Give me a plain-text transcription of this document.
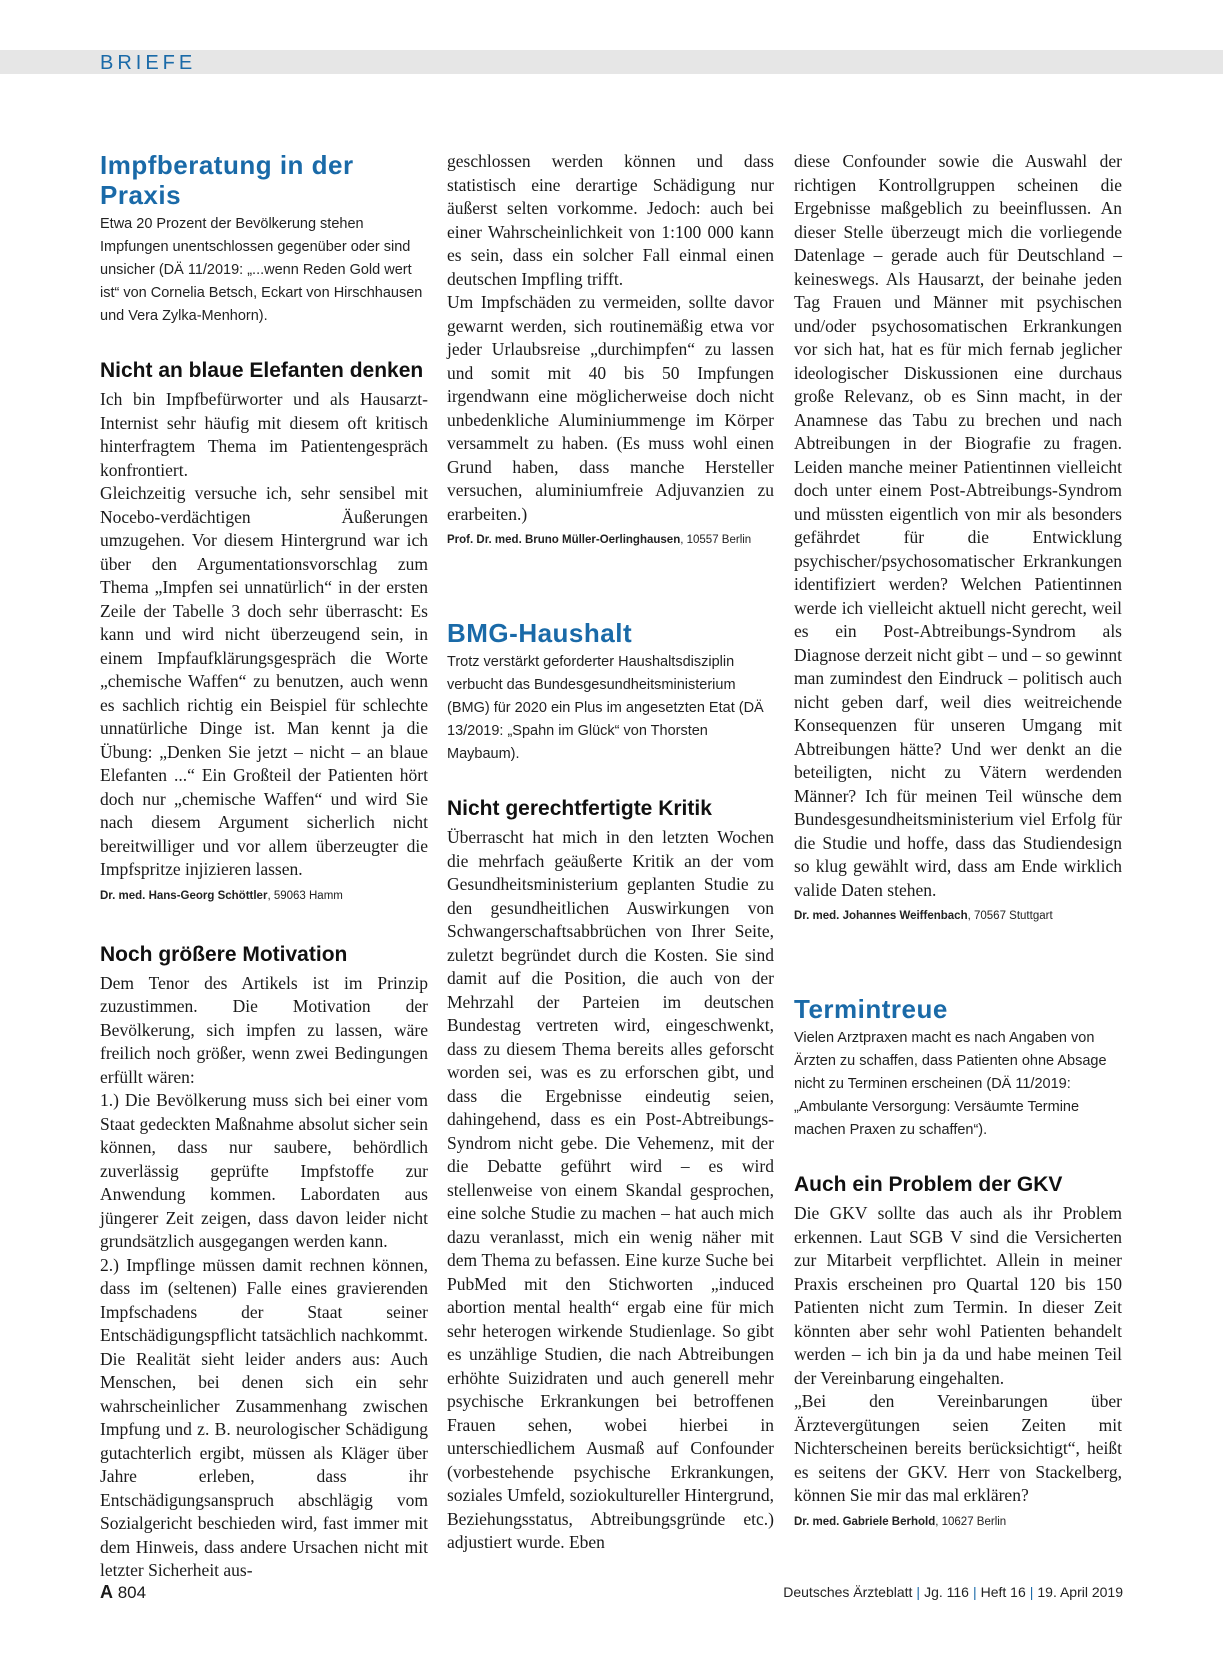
BRIEFE
Impfberatung in der Praxis

Etwa 20 Prozent der Bevölkerung stehen Impfungen unentschlossen gegenüber oder sind unsicher (DÄ 11/2019: „...wenn Reden Gold wert ist“ von Cornelia Betsch, Eckart von Hirschhausen und Vera Zylka-Menhorn).

Nicht an blaue Elefanten denken

Ich bin Impfbefürworter und als Hausarzt-Internist sehr häufig mit diesem oft kritisch hinterfragtem Thema im Patientengespräch konfrontiert.

Gleichzeitig versuche ich, sehr sensibel mit Nocebo-verdächtigen Äußerungen umzugehen. Vor diesem Hintergrund war ich über den Argumentationsvorschlag zum Thema „Impfen sei unnatürlich“ in der ersten Zeile der Tabelle 3 doch sehr überrascht: Es kann und wird nicht überzeugend sein, in einem Impfaufklärungsgespräch die Worte „chemische Waffen“ zu benutzen, auch wenn es sachlich richtig ein Beispiel für schlechte unnatürliche Dinge ist. Man kennt ja die Übung: „Denken Sie jetzt – nicht – an blaue Elefanten ...“ Ein Großteil der Patienten hört doch nur „chemische Waffen“ und wird Sie nach diesem Argument sicherlich nicht bereitwilliger und vor allem überzeugter die Impfspritze injizieren lassen.

Dr. med. Hans-Georg Schöttler, 59063 Hamm
Noch größere Motivation

Dem Tenor des Artikels ist im Prinzip zuzustimmen. Die Motivation der Bevölkerung, sich impfen zu lassen, wäre freilich noch größer, wenn zwei Bedingungen erfüllt wären:

1.) Die Bevölkerung muss sich bei einer vom Staat gedeckten Maßnahme absolut sicher sein können, dass nur saubere, behördlich zuverlässig geprüfte Impfstoffe zur Anwendung kommen. Labordaten aus jüngerer Zeit zeigen, dass davon leider nicht grundsätzlich ausgegangen werden kann.

2.) Impflinge müssen damit rechnen können, dass im (seltenen) Falle eines gravierenden Impfschadens der Staat seiner Entschädigungspflicht tatsächlich nachkommt. Die Realität sieht leider anders aus: Auch Menschen, bei denen sich ein sehr wahrscheinlicher Zusammenhang zwischen Impfung und z. B. neurologischer Schädigung gutachterlich ergibt, müssen als Kläger über Jahre erleben, dass ihr Entschädigungsanspruch abschlägig vom Sozialgericht beschieden wird, fast immer mit dem Hinweis, dass andere Ursachen nicht mit letzter Sicherheit aus-

geschlossen werden können und dass statistisch eine derartige Schädigung nur äußerst selten vorkomme. Jedoch: auch bei einer Wahrscheinlichkeit von 1:100 000 kann es sein, dass ein solcher Fall einmal einen deutschen Impfling trifft.

Um Impfschäden zu vermeiden, sollte davor gewarnt werden, sich routinemäßig etwa vor jeder Urlaubsreise „durchimpfen“ zu lassen und somit mit 40 bis 50 Impfungen irgendwann eine möglicherweise doch nicht unbedenkliche Aluminiummenge im Körper versammelt zu haben. (Es muss wohl einen Grund haben, dass manche Hersteller versuchen, aluminiumfreie Adjuvanzien zu erarbeiten.)

Prof. Dr. med. Bruno Müller-Oerlinghausen, 10557 Berlin
BMG-Haushalt

Trotz verstärkt geforderter Haushaltsdisziplin verbucht das Bundesgesundheitsministerium (BMG) für 2020 ein Plus im angesetzten Etat (DÄ 13/2019: „Spahn im Glück“ von Thorsten Maybaum).

Nicht gerechtfertigte Kritik

Überrascht hat mich in den letzten Wochen die mehrfach geäußerte Kritik an der vom Gesundheitsministerium geplanten Studie zu den gesundheitlichen Auswirkungen von Schwangerschaftsabbrüchen von Ihrer Seite, zuletzt begründet durch die Kosten. Sie sind damit auf die Position, die auch von der Mehrzahl der Parteien im deutschen Bundestag vertreten wird, eingeschwenkt, dass zu diesem Thema bereits alles geforscht worden sei, was es zu erforschen gibt, und dass die Ergebnisse eindeutig seien, dahingehend, dass es ein Post-Abtreibungs-Syndrom nicht gebe. Die Vehemenz, mit der die Debatte geführt wird – es wird stellenweise von einem Skandal gesprochen, eine solche Studie zu machen – hat auch mich dazu veranlasst, mich ein wenig näher mit dem Thema zu befassen. Eine kurze Suche bei PubMed mit den Stichworten „induced abortion mental health“ ergab eine für mich sehr heterogen wirkende Studienlage. So gibt es unzählige Studien, die nach Abtreibungen erhöhte Suizidraten und auch generell mehr psychische Erkrankungen bei betroffenen Frauen sehen, wobei hierbei in unterschiedlichem Ausmaß auf Confounder (vorbestehende psychische Erkrankungen, soziales Umfeld, soziokultureller Hintergrund, Beziehungsstatus, Abtreibungsgründe etc.) adjustiert wurde. Eben

diese Confounder sowie die Auswahl der richtigen Kontrollgruppen scheinen die Ergebnisse maßgeblich zu beeinflussen. An dieser Stelle überzeugt mich die vorliegende Datenlage – gerade auch für Deutschland – keineswegs. Als Hausarzt, der beinahe jeden Tag Frauen und Männer mit psychischen und/oder psychosomatischen Erkrankungen vor sich hat, hat es für mich fernab jeglicher ideologischer Diskussionen eine durchaus große Relevanz, ob es Sinn macht, in der Anamnese das Tabu zu brechen und nach Abtreibungen in der Biografie zu fragen. Leiden manche meiner Patientinnen vielleicht doch unter einem Post-Abtreibungs-Syndrom und müssten eigentlich von mir als besonders gefährdet für die Entwicklung psychischer/psychosomatischer Erkrankungen identifiziert werden? Welchen Patientinnen werde ich vielleicht aktuell nicht gerecht, weil es ein Post-Abtreibungs-Syndrom als Diagnose derzeit nicht gibt – und – so gewinnt man zumindest den Eindruck – politisch auch nicht geben darf, weil dies weitreichende Konsequenzen für unseren Umgang mit Abtreibungen hätte? Und wer denkt an die beteiligten, nicht zu Vätern werdenden Männer? Ich für meinen Teil wünsche dem Bundesgesundheitsministerium viel Erfolg für die Studie und hoffe, dass das Studiendesign so klug gewählt wird, dass am Ende wirklich valide Daten stehen.

Dr. med. Johannes Weiffenbach, 70567 Stuttgart
Termintreue

Vielen Arztpraxen macht es nach Angaben von Ärzten zu schaffen, dass Patienten ohne Absage nicht zu Terminen erscheinen (DÄ 11/2019: „Ambulante Versorgung: Versäumte Termine machen Praxen zu schaffen“).

Auch ein Problem der GKV

Die GKV sollte das auch als ihr Problem erkennen. Laut SGB V sind die Versicherten zur Mitarbeit verpflichtet. Allein in meiner Praxis erscheinen pro Quartal 120 bis 150 Patienten nicht zum Termin. In dieser Zeit könnten aber sehr wohl Patienten behandelt werden – ich bin ja da und habe meinen Teil der Vereinbarung eingehalten.

„Bei den Vereinbarungen über Ärztevergütungen seien Zeiten mit Nichterscheinen bereits berücksichtigt“, heißt es seitens der GKV. Herr von Stackelberg, können Sie mir das mal erklären?

Dr. med. Gabriele Berhold, 10627 Berlin
A 804	Deutsches Ärzteblatt | Jg. 116 | Heft 16 | 19. April 2019
